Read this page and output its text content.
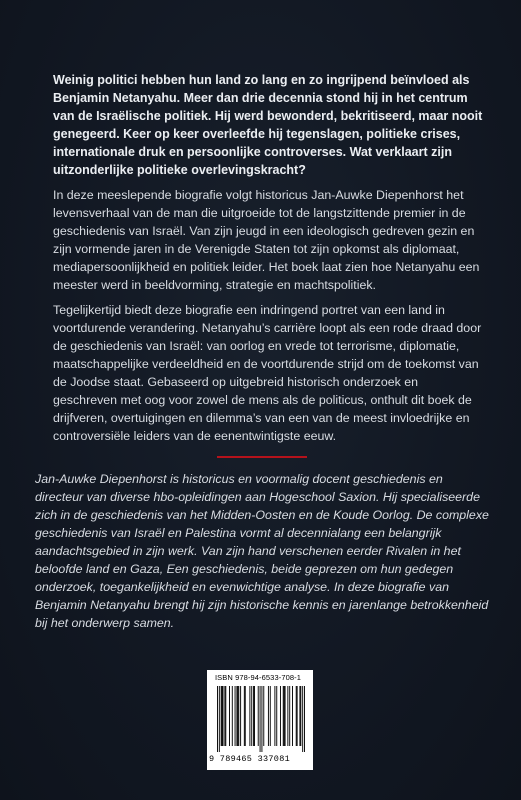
Weinig politici hebben hun land zo lang en zo ingrijpend beïnvloed als Benjamin Netanyahu. Meer dan drie decennia stond hij in het centrum van de Israëlische politiek. Hij werd bewonderd, bekritiseerd, maar nooit genegeerd. Keer op keer overleefde hij tegenslagen, politieke crises, internationale druk en persoonlijke controverses. Wat verklaart zijn uitzonderlijke politieke overlevingskracht?

In deze meeslepende biografie volgt historicus Jan-Auwke Diepenhorst het levensverhaal van de man die uitgroeide tot de langstzittende premier in de geschiedenis van Israël. Van zijn jeugd in een ideologisch gedreven gezin en zijn vormende jaren in de Verenigde Staten tot zijn opkomst als diplomaat, mediapersoonlijkheid en politiek leider. Het boek laat zien hoe Netanyahu een meester werd in beeldvorming, strategie en machtspolitiek.

Tegelijkertijd biedt deze biografie een indringend portret van een land in voortdurende verandering. Netanyahu’s carrière loopt als een rode draad door de geschiedenis van Israël: van oorlog en vrede tot terrorisme, diplomatie, maatschappelijke verdeeldheid en de voortdurende strijd om de toekomst van de Joodse staat. Gebaseerd op uitgebreid historisch onderzoek en geschreven met oog voor zowel de mens als de politicus, onthult dit boek de drijfveren, overtuigingen en dilemma’s van een van de meest invloedrijke en controversiële leiders van de eenentwintigste eeuw.

Jan-Auwke Diepenhorst is historicus en voormalig docent geschiedenis en directeur van diverse hbo-opleidingen aan Hogeschool Saxion. Hij specialiseerde zich in de geschiedenis van het Midden-Oosten en de Koude Oorlog. De complexe geschiedenis van Israël en Palestina vormt al decennialang een belangrijk aandachtsgebied in zijn werk. Van zijn hand verschenen eerder Rivalen in het beloofde land en Gaza, Een geschiedenis, beide geprezen om hun gedegen onderzoek, toegankelijkheid en evenwichtige analyse. In deze biografie van Benjamin Netanyahu brengt hij zijn historische kennis en jarenlange betrokkenheid bij het onderwerp samen.

ISBN 978-94-6533-708-1
9 789465 337081
